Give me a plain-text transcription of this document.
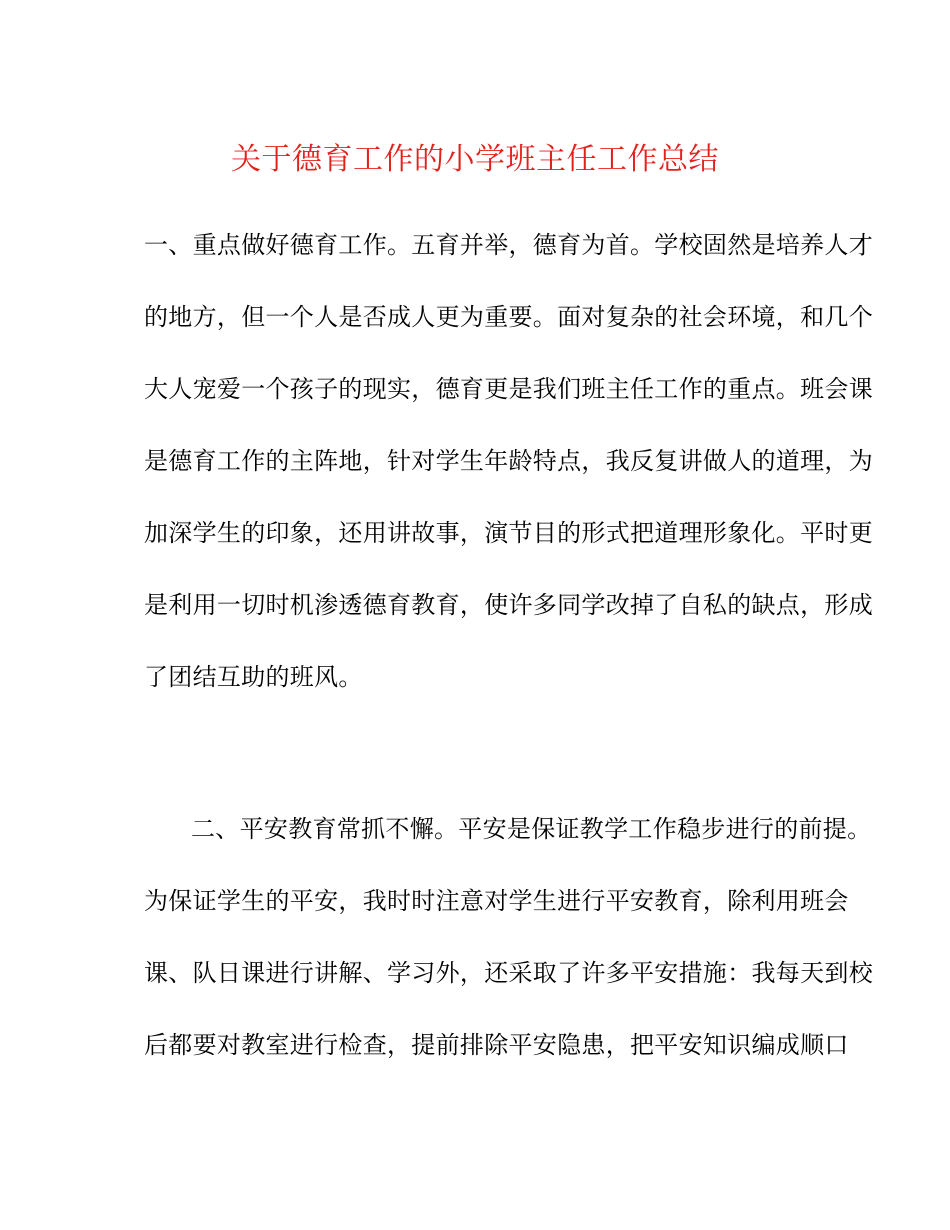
关于德育工作的小学班主任工作总结
一、重点做好德育工作。五育并举，德育为首。学校固然是培养人才
的地方，但一个人是否成人更为重要。面对复杂的社会环境，和几个
大人宠爱一个孩子的现实，德育更是我们班主任工作的重点。班会课
是德育工作的主阵地，针对学生年龄特点，我反复讲做人的道理，为
加深学生的印象，还用讲故事，演节目的形式把道理形象化。平时更
是利用一切时机渗透德育教育，使许多同学改掉了自私的缺点，形成
了团结互助的班风。
二、平安教育常抓不懈。平安是保证教学工作稳步进行的前提。
为保证学生的平安，我时时注意对学生进行平安教育，除利用班会
课、队日课进行讲解、学习外，还采取了许多平安措施：我每天到校
后都要对教室进行检查，提前排除平安隐患，把平安知识编成顺口
